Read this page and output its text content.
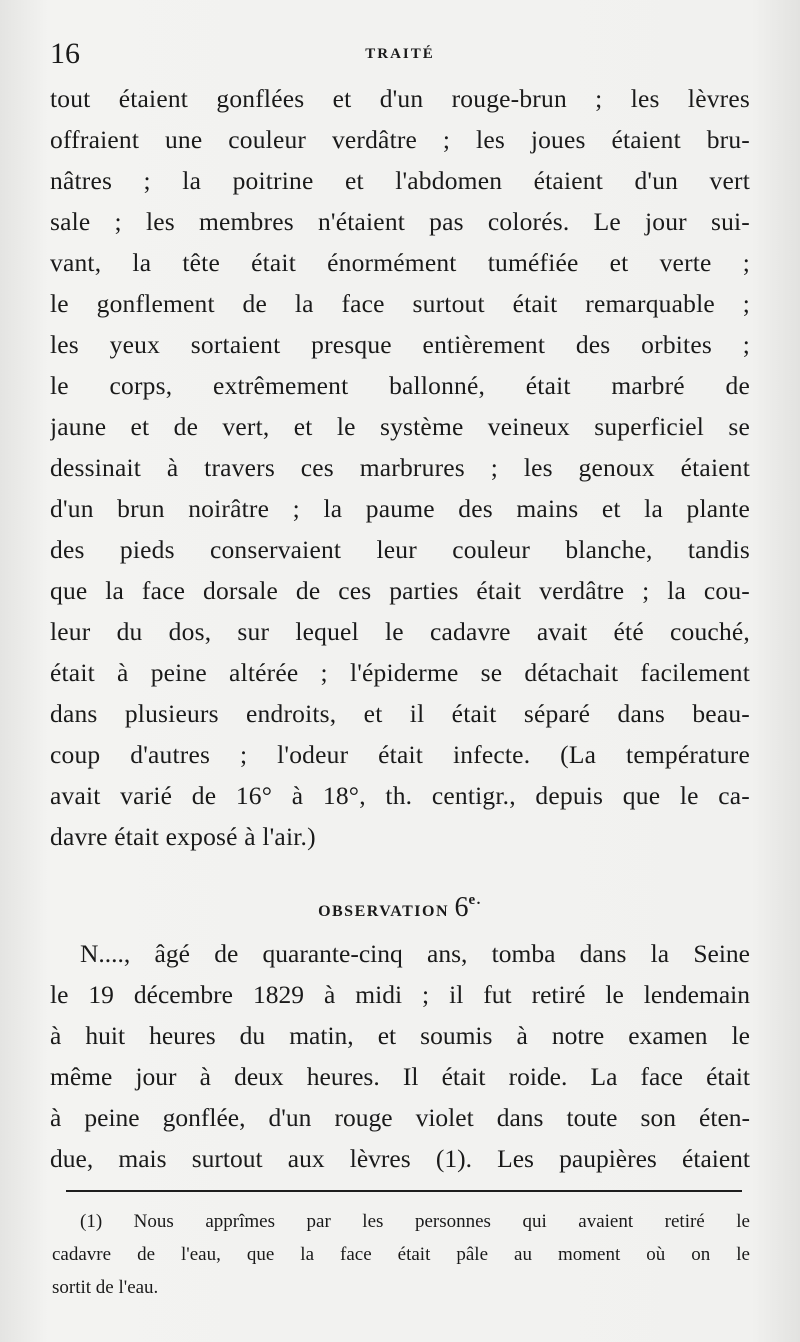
16	TRAITÉ
tout étaient gonflées et d'un rouge-brun ; les lèvres
offraient une couleur verdâtre ; les joues étaient bru-
nâtres ; la poitrine et l'abdomen étaient d'un vert
sale ; les membres n'étaient pas colorés. Le jour sui-
vant, la tête était énormément tuméfiée et verte ;
le gonflement de la face surtout était remarquable ;
les yeux sortaient presque entièrement des orbites ;
le corps, extrêmement ballonné, était marbré de
jaune et de vert, et le système veineux superficiel se
dessinait à travers ces marbrures ; les genoux étaient
d'un brun noirâtre ; la paume des mains et la plante
des pieds conservaient leur couleur blanche, tandis
que la face dorsale de ces parties était verdâtre ; la cou-
leur du dos, sur lequel le cadavre avait été couché,
était à peine altérée ; l'épiderme se détachait facilement
dans plusieurs endroits, et il était séparé dans beau-
coup d'autres ; l'odeur était infecte. (La température
avait varié de 16° à 18°, th. centigr., depuis que le ca-
davre était exposé à l'air.)
OBSERVATION 6e.
N...., âgé de quarante-cinq ans, tomba dans la Seine
le 19 décembre 1829 à midi ; il fut retiré le lendemain
à huit heures du matin, et soumis à notre examen le
même jour à deux heures. Il était roide. La face était
à peine gonflée, d'un rouge violet dans toute son éten-
due, mais surtout aux lèvres (1). Les paupières étaient
(1) Nous apprîmes par les personnes qui avaient retiré le
cadavre de l'eau, que la face était pâle au moment où on le
sortit de l'eau.
